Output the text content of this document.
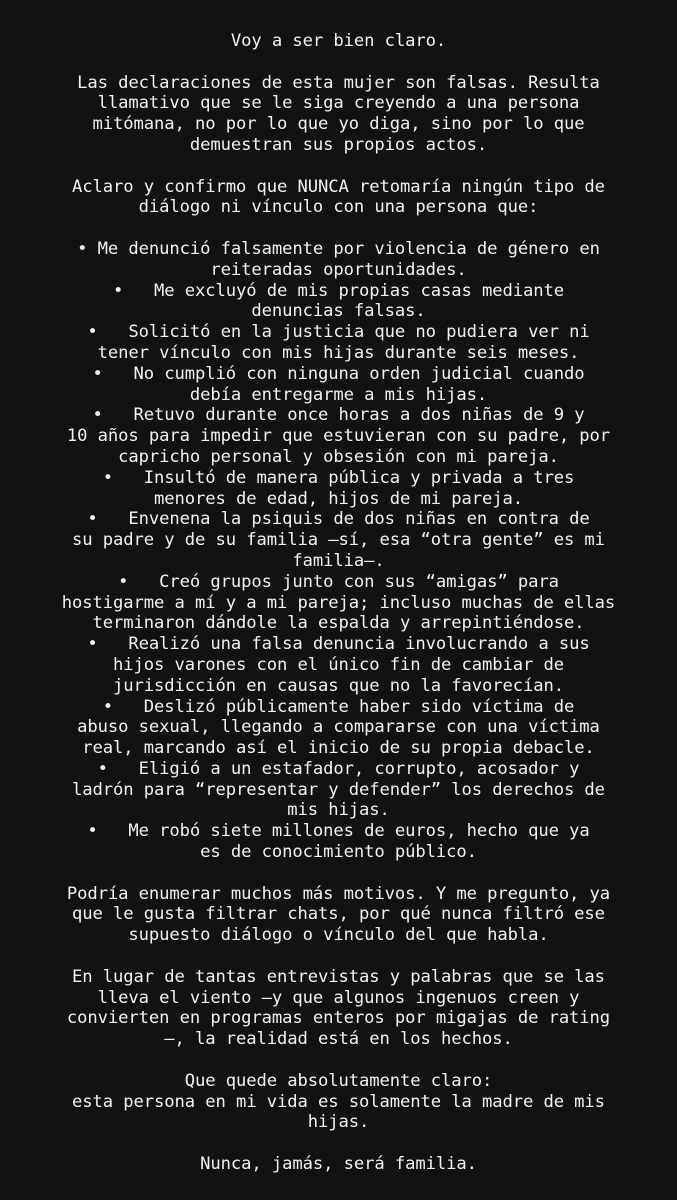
Voy a ser bien claro.
Las declaraciones de esta mujer son falsas. Resulta
llamativo que se le siga creyendo a una persona
mitómana, no por lo que yo diga, sino por lo que
demuestran sus propios actos.
Aclaro y confirmo que NUNCA retomaría ningún tipo de
diálogo ni vínculo con una persona que:
• Me denunció falsamente por violencia de género en
reiteradas oportunidades.
• Me excluyó de mis propias casas mediante
denuncias falsas.
• Solicitó en la justicia que no pudiera ver ni
tener vínculo con mis hijas durante seis meses.
• No cumplió con ninguna orden judicial cuando
debía entregarme a mis hijas.
• Retuvo durante once horas a dos niñas de 9 y
10 años para impedir que estuvieran con su padre, por
capricho personal y obsesión con mi pareja.
• Insultó de manera pública y privada a tres
menores de edad, hijos de mi pareja.
• Envenena la psiquis de dos niñas en contra de
su padre y de su familia —sí, esa “otra gente” es mi
familia—.
• Creó grupos junto con sus “amigas” para
hostigarme a mí y a mi pareja; incluso muchas de ellas
terminaron dándole la espalda y arrepintiéndose.
• Realizó una falsa denuncia involucrando a sus
hijos varones con el único fin de cambiar de
jurisdicción en causas que no la favorecían.
• Deslizó públicamente haber sido víctima de
abuso sexual, llegando a compararse con una víctima
real, marcando así el inicio de su propia debacle.
• Eligió a un estafador, corrupto, acosador y
ladrón para “representar y defender” los derechos de
mis hijas.
• Me robó siete millones de euros, hecho que ya
es de conocimiento público.
Podría enumerar muchos más motivos. Y me pregunto, ya
que le gusta filtrar chats, por qué nunca filtró ese
supuesto diálogo o vínculo del que habla.
En lugar de tantas entrevistas y palabras que se las
lleva el viento —y que algunos ingenuos creen y
convierten en programas enteros por migajas de rating
—, la realidad está en los hechos.
Que quede absolutamente claro:
esta persona en mi vida es solamente la madre de mis
hijas.
Nunca, jamás, será familia.
